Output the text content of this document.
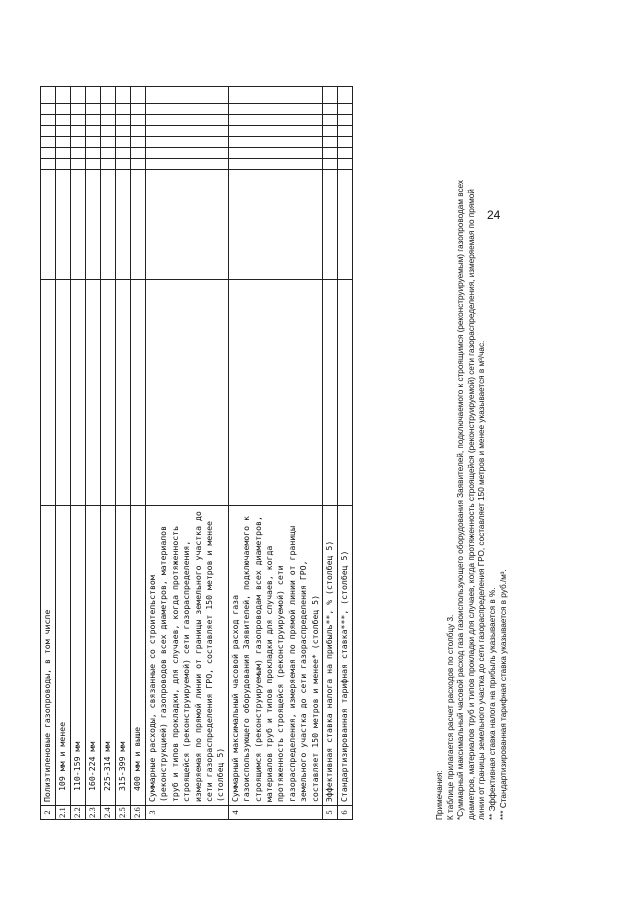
2	Полиэтиленовые газопроводы, в том числе									
2.1	109 мм и менее									
2.2	110-159 мм									
2.3	160-224 мм									
2.4	225-314 мм									
2.5	315-399 мм									
2.6	400 мм и выше									
3	Суммарные расходы, связанные со строительством (реконструкцией) газопроводов всех диаметров, материалов труб и типов прокладки, для случаев, когда протяженность строящейся (реконструируемой) сети газораспределения, измеряемая по прямой линии от границы земельного участка до сети газораспределения ГРО, составляет 150 метров и менее (столбец 5)									
4	Суммарный максимальный часовой расход газа газоиспользующего оборудования Заявителей, подключаемого к строящимся (реконструируемым) газопроводам всех диаметров, материалов труб и типов прокладки для случаев, когда протяженность строящейся (реконструируемой) сети газораспределения, измеряемая по прямой линии от границы земельного участка до сети газораспределения ГРО, составляет 150 метров и менее* (столбец 5)									
5	Эффективная ставка налога на прибыль**, % (столбец 5)									
6	Стандартизированная тарифная ставка***, (столбец 5)										Примечания: К таблице прилагается расчет расходов по столбцу 3. *Суммарный максимальный часовой расход газа газоиспользующего оборудования Заявителей, подключаемого к строящимся (реконструируемым) газопроводам всех диаметров, материалов труб и типов прокладки для случаев, когда протяженность строящейся (реконструируемой) сети газораспределения, измеряемая по прямой линии от границы земельного участка до сети газораспределения ГРО, составляет 150 метров и менее указывается в м³/час. ** Эффективная ставка налога на прибыль указывается в %. *** Стандартизированная тарифная ставка указывается в руб./м³.

24
